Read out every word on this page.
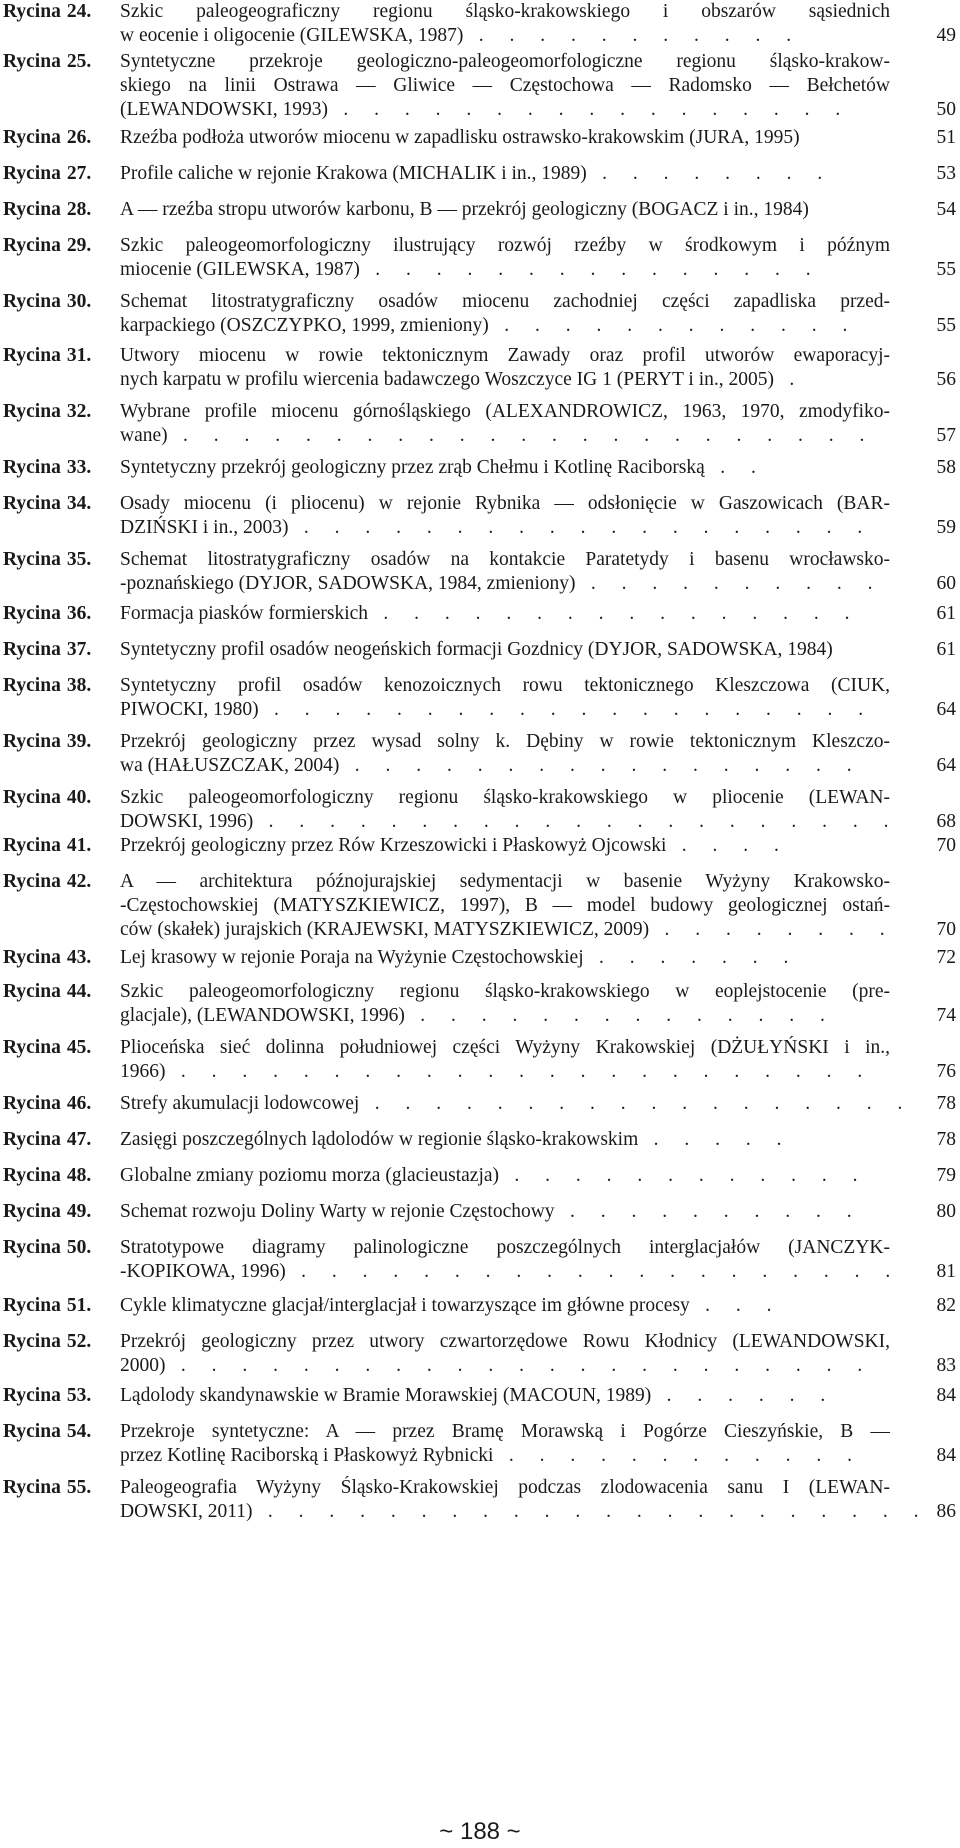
Rycina 24. Szkic paleogeograficzny regionu śląsko-krakowskiego i obszarów sąsiednich
w eocenie i oligocenie (GILEWSKA, 1987) . . . . . . . . . . .	49
Rycina 25. Syntetyczne przekroje geologiczno-paleogeomorfologiczne regionu śląsko-krakow-
skiego na linii Ostrawa — Gliwice — Częstochowa — Radomsko — Bełchetów
(LEWANDOWSKI, 1993) . . . . . . . . . . . . . . . . .	50
Rycina 26. Rzeźba podłoża utworów miocenu w zapadlisku ostrawsko-krakowskim (JURA, 1995)	51
Rycina 27. Profile caliche w rejonie Krakowa (MICHALIK i in., 1989) . . . . . . . .	53
Rycina 28. A — rzeźba stropu utworów karbonu, B — przekrój geologiczny (BOGACZ i in., 1984)	54
Rycina 29. Szkic paleogeomorfologiczny ilustrujący rozwój rzeźby w środkowym i późnym
miocenie (GILEWSKA, 1987) . . . . . . . . . . . . . . .	55
Rycina 30. Schemat litostratygraficzny osadów miocenu zachodniej części zapadliska przed-
karpackiego (OSZCZYPKO, 1999, zmieniony) . . . . . . . . . . . .	55
Rycina 31. Utwory miocenu w rowie tektonicznym Zawady oraz profil utworów ewaporacyj-
nych karpatu w profilu wiercenia badawczego Woszczyce IG 1 (PERYT i in., 2005) .	56
Rycina 32. Wybrane profile miocenu górnośląskiego (ALEXANDROWICZ, 1963, 1970, zmodyfiko-
wane) . . . . . . . . . . . . . . . . . . . . . . .	57
Rycina 33. Syntetyczny przekrój geologiczny przez zrąb Chełmu i Kotlinę Raciborską . .	58
Rycina 34. Osady miocenu (i pliocenu) w rejonie Rybnika — odsłonięcie w Gaszowicach (BAR-
DZIŃSKI i in., 2003) . . . . . . . . . . . . . . . . . . .	59
Rycina 35. Schemat litostratygraficzny osadów na kontakcie Paratetydy i basenu wrocławsko-
-poznańskiego (DYJOR, SADOWSKA, 1984, zmieniony) . . . . . . . . . .	60
Rycina 36. Formacja piasków formierskich . . . . . . . . . . . . . . . .	61
Rycina 37. Syntetyczny profil osadów neogeńskich formacji Gozdnicy (DYJOR, SADOWSKA, 1984)	61
Rycina 38. Syntetyczny profil osadów kenozoicznych rowu tektonicznego Kleszczowa (CIUK,
PIWOCKI, 1980) . . . . . . . . . . . . . . . . . . . .	64
Rycina 39. Przekrój geologiczny przez wysad solny k. Dębiny w rowie tektonicznym Kleszczo-
wa (HAŁUSZCZAK, 2004) . . . . . . . . . . . . . . . . .	64
Rycina 40. Szkic paleogeomorfologiczny regionu śląsko-krakowskiego w pliocenie (LEWAN-
DOWSKI, 1996) . . . . . . . . . . . . . . . . . . . . .	68
Rycina 41. Przekrój geologiczny przez Rów Krzeszowicki i Płaskowyż Ojcowski . . . .	70
Rycina 42. A — architektura późnojurajskiej sedymentacji w basenie Wyżyny Krakowsko-
-Częstochowskiej (MATYSZKIEWICZ, 1997), B — model budowy geologicznej ostań-
ców (skałek) jurajskich (KRAJEWSKI, MATYSZKIEWICZ, 2009) . . . . . . . .	70
Rycina 43. Lej krasowy w rejonie Poraja na Wyżynie Częstochowskiej . . . . . . .	72
Rycina 44. Szkic paleogeomorfologiczny regionu śląsko-krakowskiego w eoplejstocenie (pre-
glacjale), (LEWANDOWSKI, 1996) . . . . . . . . . . . . . .	74
Rycina 45. Plioceńska sieć dolinna południowej części Wyżyny Krakowskiej (DŻUŁYŃSKI i in.,
1966) . . . . . . . . . . . . . . . . . . . . . . .	76
Rycina 46. Strefy akumulacji lodowcowej . . . . . . . . . . . . . . . . . .	78
Rycina 47. Zasięgi poszczególnych lądolodów w regionie śląsko-krakowskim . . . . .	78
Rycina 48. Globalne zmiany poziomu morza (glacieustazja) . . . . . . . . . . . .	79
Rycina 49. Schemat rozwoju Doliny Warty w rejonie Częstochowy . . . . . . . . . .	80
Rycina 50. Stratotypowe diagramy palinologiczne poszczególnych interglacjałów (JANCZYK-
-KOPIKOWA, 1996) . . . . . . . . . . . . . . . . . . . .	81
Rycina 51. Cykle klimatyczne glacjał/interglacjał i towarzyszące im główne procesy . . .	82
Rycina 52. Przekrój geologiczny przez utwory czwartorzędowe Rowu Kłodnicy (LEWANDOWSKI,
2000) . . . . . . . . . . . . . . . . . . . . . . .	83
Rycina 53. Lądolody skandynawskie w Bramie Morawskiej (MACOUN, 1989) . . . . . .	84
Rycina 54. Przekroje syntetyczne: A — przez Bramę Morawską i Pogórze Cieszyńskie, B —
przez Kotlinę Raciborską i Płaskowyż Rybnicki . . . . . . . . . . . .	84
Rycina 55. Paleogeografia Wyżyny Śląsko-Krakowskiej podczas zlodowacenia sanu I (LEWAN-
DOWSKI, 2011) . . . . . . . . . . . . . . . . . . . . . . 86
~ 188 ~
